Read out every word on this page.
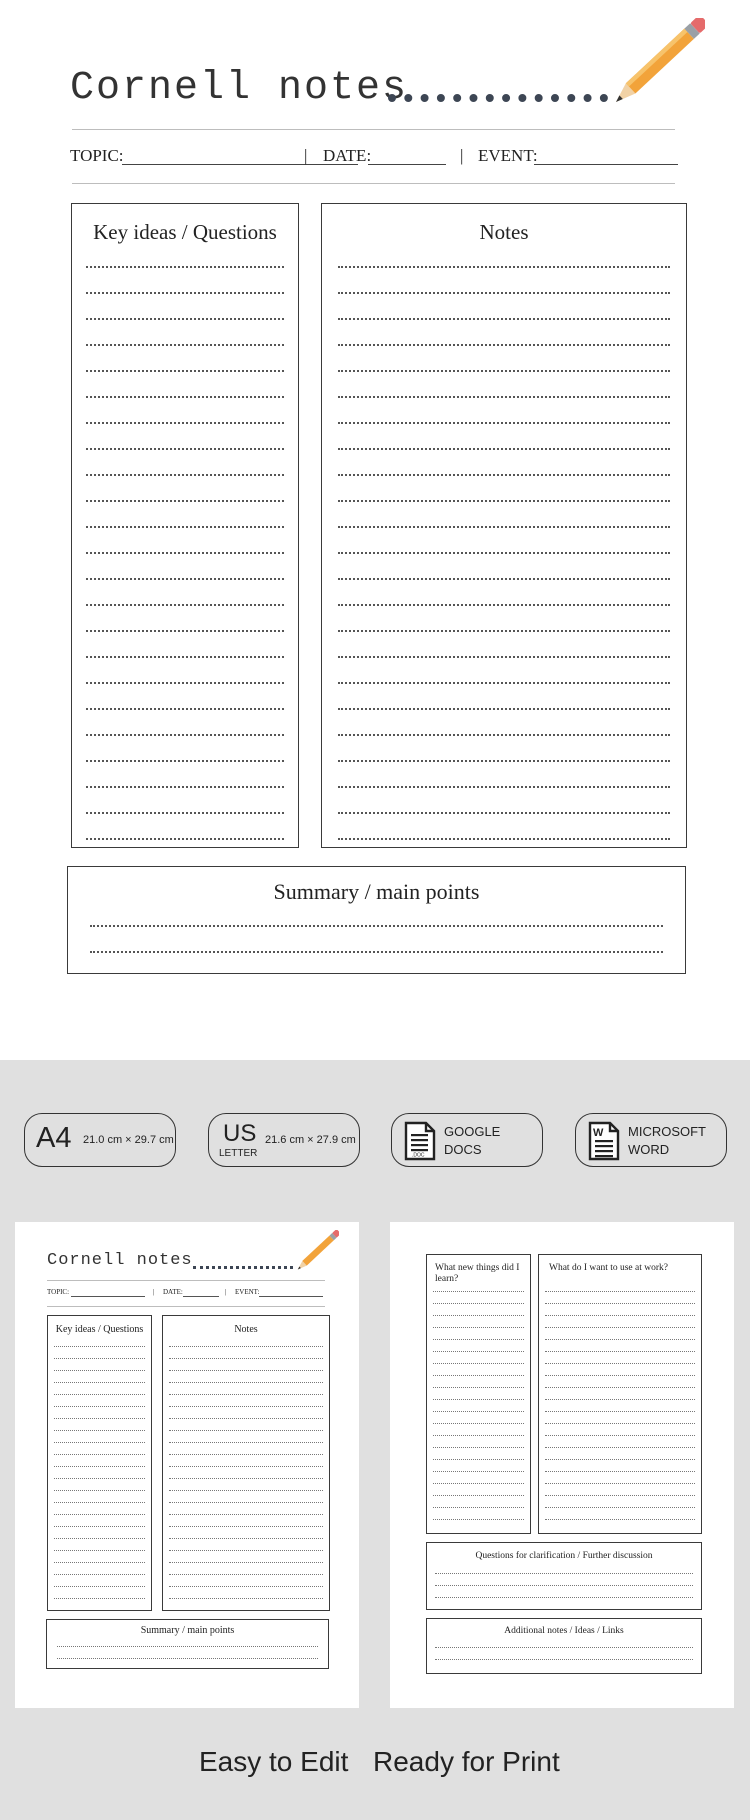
Cornell notes
TOPIC:	| DATE:	| EVENT:
Key ideas / Questions	Notes
Summary / main points
A4 21.0 cm × 29.7 cm US
LETTER
21.6 cm × 27.9 cm
.DOC
GOOGLE
DOCS
W MICROSOFT
WORD
Cornell notes
TOPIC:	| DATE:	| EVENT:
Key ideas / Questions	Notes
Summary / main points
What new things did I learn?
What do I want to use at work?
Questions for clarification / Further discussion
Additional notes / Ideas / Links
Easy to Edit Ready for Print
